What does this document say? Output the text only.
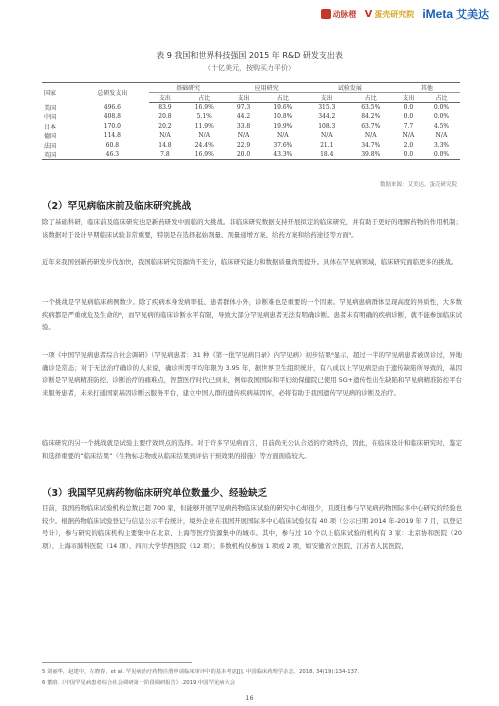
动脉橙 V 蛋壳研究院 iMeta 艾美达
表 9 我国和世界科技强国 2015 年 R&D 研发支出表
（十亿美元，按购买力平价）
国家	总研发支出	基础研究		应用研究		试验发展		其他	
		支出	占比	支出	占比	支出	占比	支出	占比
美国	496.6	83.9	16.9%	97.3	19.6%	315.3	63.5%	0.0	0.0%
中国	408.8	20.8	5.1%	44.2	10.8%	344.2	84.2%	0.0	0.0%
日本	170.0	20.2	11.9%	33.8	19.9%	108.3	63.7%	7.7	4.5%
德国	114.8	N/A	N/A	N/A	N/A	N/A	N/A	N/A	N/A
法国	60.8	14.8	24.4%	22.9	37.6%	21.1	34.7%	2.0	3.3%
英国	46.3	7.8	16.9%	20.0	43.3%	18.4	39.8%	0.0	0.0%
数据来源：艾美达，蛋壳研究院
（2）罕见病临床前及临床研究挑战
除了基础科研，临床前及临床研究也是新药研发中面临的大挑战。非临床研究数据支持开展拟定的临床研究，并有助于更好的理解药物的作用机制；该数据对于设计早期临床试验非常重要，特别是在选择起始剂量、剂量递增方案、给药方案和给药途径等方面⁵。
近年来我国创新药研发步伐加快，我国临床研究资源尚不充分，临床研究能力和数据质量尚需提升。具体在罕见病领域，临床研究面临更多的挑战。
一个挑战是罕见病临床病例数少。除了疾病本身发病率低、患者群体小外，诊断难也是重要的一个因素。罕见病患病群体呈现高度的异质性，大多数疾病都是严重或危及生命的⁶，而罕见病的临床诊断水平有限，导致大部分罕见病患者无法有明确诊断。患者未有明确的疾病诊断，就不能参加临床试验。
一项《中国罕见病患者综合社会调研》（罕见病患者：31 种《第一批罕见病目录》内罕见病）初步结果⁶显示，超过一半的罕见病患者被误诊过，异地确诊是常态；对于无法治疗确诊的人来说，确诊所需平均年限为 3.95 年，据世界卫生组织统计，有八成以上罕见病是由于遗传缺陷所导致的，基因诊断是罕见病精准防控、诊断治疗的痛难点，智慧医疗时代已到来，例如我国国际和平妇幼保健院已使用 5G+遗传性出生缺陷和罕见病精准防控平台来服务患者，未来打通国家基因诊断云服务平台，建立中国人群的遗传疾病基因库，必将有助于我国遗传罕见病的诊断及治疗。
临床研究的另一个挑战就是试验主要疗效终点的选择。对于许多罕见病而言，目前尚无公认合适的疗效终点，因此，在临床设计和临床研究时，鉴定和选择重要的“临床结果”（生物标志物或从临床结果到评估干预效果的措施）等方面面临较大。
（3）我国罕见病药物临床研究单位数量少、经验缺乏
目前，我国药物临床试验机构总数已超 700 家，但能够开展罕见病药物临床试验的研究中心却很少，且既往参与罕见病药物国际多中心研究的经验也较少。根据药物临床试验登记与信息公示平台统计，境外企业在我国开展国际多中心临床试验仅有 40 项（公示日期 2014 年-2019 年 7 月，以登记号计），参与研究的临床机构主要集中在北京、上海等医疗资源集中的城市。其中，参与过 10 个以上临床试验的机构有 3 家：北京协和医院（20 项）、上海市肺科医院（14 项）、四川大学华西医院（12 项）；多数机构仅参加 1 项或 2 项，如安徽省立医院、江苏省人民医院、
5 刘丽华，赵建中，左晓春，et al. 罕见病治疗药物注册申请临床审评中的基本考虑[J]. 中国临床药理学杂志，2018, 34(19):134-137.
6 董晗.《中国罕见病患者综合社会调研第一阶段调研报告》.2019 中国罕见病大会
16
